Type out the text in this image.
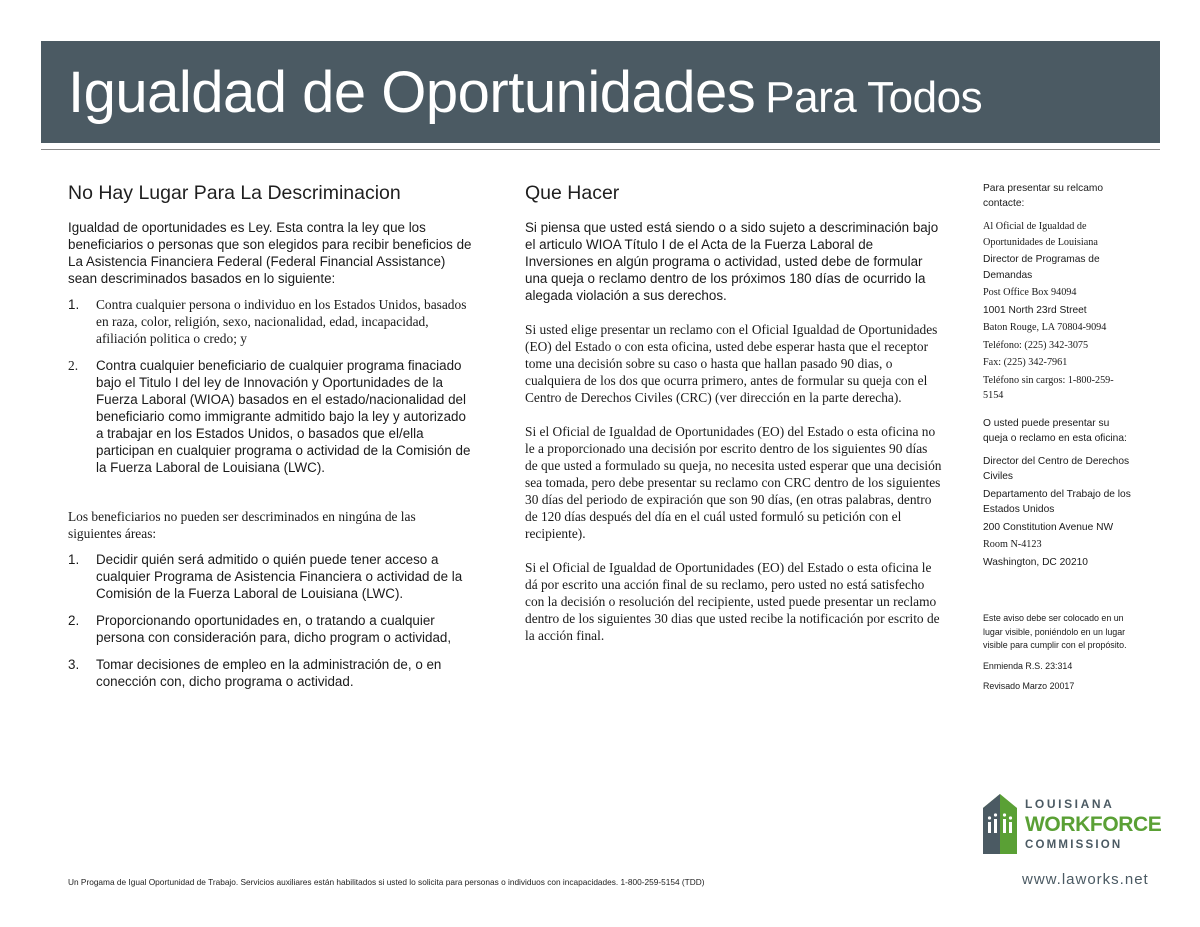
Igualdad de Oportunidades Para Todos
No Hay Lugar Para La Descriminacion

Igualdad de oportunidades es Ley. Esta contra la ley que los beneficiarios o personas que son elegidos para recibir beneficios de La Asistencia Financiera Federal (Federal Financial Assistance) sean descriminados basados en lo siguiente:

1. Contra cualquier persona o individuo en los Estados Unidos, basados en raza, color, religión, sexo, nacionalidad, edad, incapacidad, afiliación politica o credo; y
2. Contra cualquier beneficiario de cualquier programa finaciado bajo el Titulo I del ley de Innovación y Oportunidades de la Fuerza Laboral (WIOA) basados en el estado/nacionalidad del beneficiario como immigrante admitido bajo la ley y autorizado a trabajar en los Estados Unidos, o basados que el/ella participan en cualquier programa o actividad de la Comisión de la Fuerza Laboral de Louisiana (LWC).

Los beneficiarios no pueden ser descriminados en ningúna de las siguientes áreas:

1. Decidir quién será admitido o quién puede tener acceso a cualquier Programa de Asistencia Financiera o actividad de la Comisión de la Fuerza Laboral de Louisiana (LWC).
2. Proporcionando oportunidades en, o tratando a cualquier persona con consideración para, dicho program o actividad,
3. Tomar decisiones de empleo en la administración de, o en conección con, dicho programa o actividad.
Que Hacer

Si piensa que usted está siendo o a sido sujeto a descriminación bajo el articulo WIOA Título I de el Acta de la Fuerza Laboral de Inversiones en algún programa o actividad, usted debe de formular una queja o reclamo dentro de los próximos 180 días de ocurrido la alegada violación a sus derechos.

Si usted elige presentar un reclamo con el Oficial Igualdad de Oportunidades (EO) del Estado o con esta oficina, usted debe esperar hasta que el receptor tome una decisión sobre su caso o hasta que hallan pasado 90 dias, o cualquiera de los dos que ocurra primero, antes de formular su queja con el Centro de Derechos Civiles (CRC) (ver dirección en la parte derecha).

Si el Oficial de Igualdad de Oportunidades (EO) del Estado o esta oficina no le a proporcionado una decisión por escrito dentro de los siguientes 90 días de que usted a formulado su queja, no necesita usted esperar que una decisión sea tomada, pero debe presentar su reclamo con CRC dentro de los siguientes 30 días del periodo de expiración que son 90 días, (en otras palabras, dentro de 120 días después del día en el cuál usted formuló su petición con el recipiente).

Si el Oficial de Igualdad de Oportunidades (EO) del Estado o esta oficina le dá por escrito una acción final de su reclamo, pero usted no está satisfecho con la decisión o resolución del recipiente, usted puede presentar un reclamo dentro de los siguientes 30 dias que usted recibe la notificación por escrito de la acción final.

Para presentar su relcamo contacte:
Al Oficial de Igualdad de Oportunidades de Louisiana
Director de Programas de Demandas
Post Office Box 94094
1001 North 23rd Street
Baton Rouge, LA 70804-9094
Teléfono: (225) 342-3075
Fax: (225) 342-7961
Teléfono sin cargos: 1-800-259-5154
O usted puede presentar su queja o reclamo en esta oficina:
Director del Centro de Derechos Civiles
Departamento del Trabajo de los Estados Unidos
200 Constitution Avenue NW
Room N-4123
Washington, DC 20210
Este aviso debe ser colocado en un lugar visible, poniéndolo en un lugar visible para cumplir con el propósito.
Enmienda R.S. 23:314
Revisado Marzo 20017
Un Progama de Igual Oportunidad de Trabajo. Servicios auxiliares están habilitados si usted lo solicita para personas o individuos con incapacidades. 1-800-259-5154 (TDD)
LOUISIANA
WORKFORCE
COMMISSION
www.laworks.net
